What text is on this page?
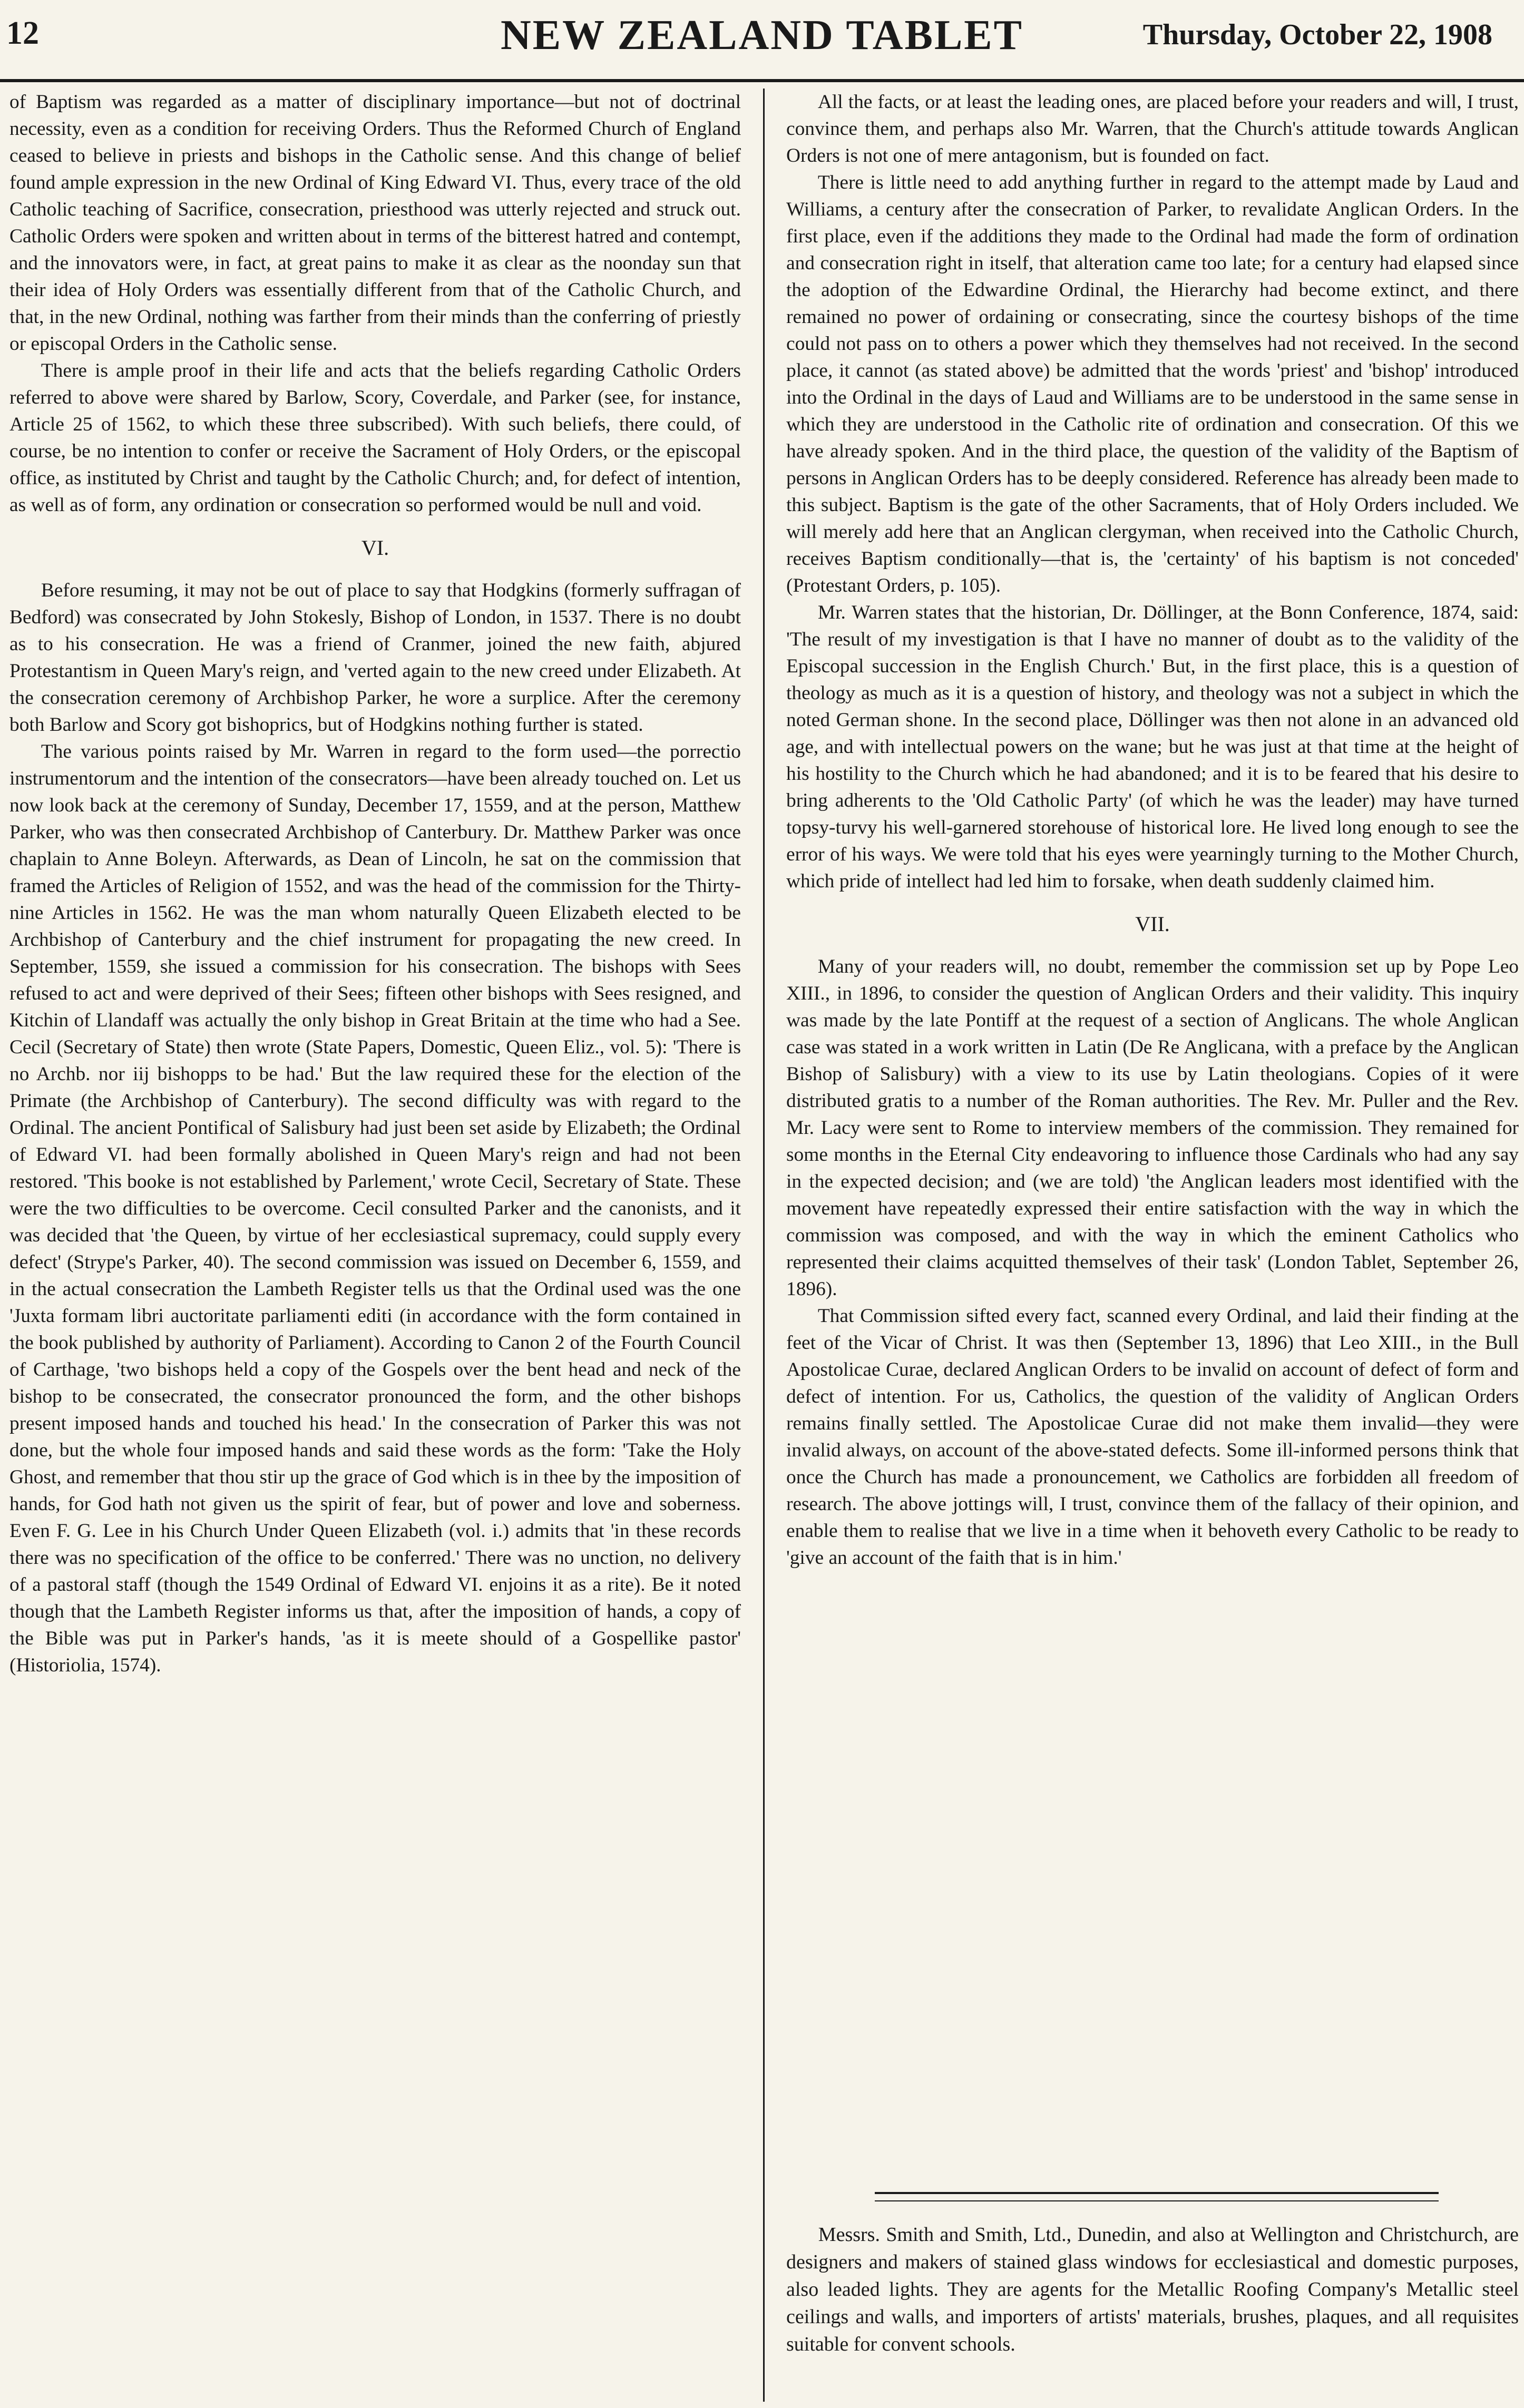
12	NEW ZEALAND TABLET	Thursday, October 22, 1908

of Baptism was regarded as a matter of disciplinary importance—but not of doctrinal necessity, even as a condition for receiving Orders. Thus the Reformed Church of England ceased to believe in priests and bishops in the Catholic sense. And this change of belief found ample expression in the new Ordinal of King Edward VI. Thus, every trace of the old Catholic teaching of Sacrifice, consecration, priesthood was utterly rejected and struck out. Catholic Orders were spoken and written about in terms of the bitterest hatred and contempt, and the innovators were, in fact, at great pains to make it as clear as the noonday sun that their idea of Holy Orders was essentially different from that of the Catholic Church, and that, in the new Ordinal, nothing was farther from their minds than the conferring of priestly or episcopal Orders in the Catholic sense.

There is ample proof in their life and acts that the beliefs regarding Catholic Orders referred to above were shared by Barlow, Scory, Coverdale, and Parker (see, for instance, Article 25 of 1562, to which these three subscribed). With such beliefs, there could, of course, be no intention to confer or receive the Sacrament of Holy Orders, or the episcopal office, as instituted by Christ and taught by the Catholic Church; and, for defect of intention, as well as of form, any ordination or consecration so performed would be null and void.

VI.

Before resuming, it may not be out of place to say that Hodgkins (formerly suffragan of Bedford) was consecrated by John Stokesly, Bishop of London, in 1537. There is no doubt as to his consecration. He was a friend of Cranmer, joined the new faith, abjured Protestantism in Queen Mary's reign, and 'verted again to the new creed under Elizabeth. At the consecration ceremony of Archbishop Parker, he wore a surplice. After the ceremony both Barlow and Scory got bishoprics, but of Hodgkins nothing further is stated.

The various points raised by Mr. Warren in regard to the form used—the porrectio instrumentorum and the intention of the consecrators—have been already touched on. Let us now look back at the ceremony of Sunday, December 17, 1559, and at the person, Matthew Parker, who was then consecrated Archbishop of Canterbury. Dr. Matthew Parker was once chaplain to Anne Boleyn. Afterwards, as Dean of Lincoln, he sat on the commission that framed the Articles of Religion of 1552, and was the head of the commission for the Thirty-nine Articles in 1562. He was the man whom naturally Queen Elizabeth elected to be Archbishop of Canterbury and the chief instrument for propagating the new creed. In September, 1559, she issued a commission for his consecration. The bishops with Sees refused to act and were deprived of their Sees; fifteen other bishops with Sees resigned, and Kitchin of Llandaff was actually the only bishop in Great Britain at the time who had a See. Cecil (Secretary of State) then wrote (State Papers, Domestic, Queen Eliz., vol. 5): 'There is no Archb. nor iij bishopps to be had.' But the law required these for the election of the Primate (the Archbishop of Canterbury). The second difficulty was with regard to the Ordinal. The ancient Pontifical of Salisbury had just been set aside by Elizabeth; the Ordinal of Edward VI. had been formally abolished in Queen Mary's reign and had not been restored. 'This booke is not established by Parlement,' wrote Cecil, Secretary of State. These were the two difficulties to be overcome. Cecil consulted Parker and the canonists, and it was decided that 'the Queen, by virtue of her ecclesiastical supremacy, could supply every defect' (Strype's Parker, 40). The second commission was issued on December 6, 1559, and in the actual consecration the Lambeth Register tells us that the Ordinal used was the one 'Juxta formam libri auctoritate parliamenti editi (in accordance with the form contained in the book published by authority of Parliament). According to Canon 2 of the Fourth Council of Carthage, 'two bishops held a copy of the Gospels over the bent head and neck of the bishop to be consecrated, the consecrator pronounced the form, and the other bishops present imposed hands and touched his head.' In the consecration of Parker this was not done, but the whole four imposed hands and said these words as the form: 'Take the Holy Ghost, and remember that thou stir up the grace of God which is in thee by the imposition of hands, for God hath not given us the spirit of fear, but of power and love and soberness. Even F. G. Lee in his Church Under Queen Elizabeth (vol. i.) admits that 'in these records there was no specification of the office to be conferred.' There was no unction, no delivery of a pastoral staff (though the 1549 Ordinal of Edward VI. enjoins it as a rite). Be it noted though that the Lambeth Register informs us that, after the imposition of hands, a copy of the Bible was put in Parker's hands, 'as it is meete should of a Gospellike pastor' (Historiolia, 1574).

All the facts, or at least the leading ones, are placed before your readers and will, I trust, convince them, and perhaps also Mr. Warren, that the Church's attitude towards Anglican Orders is not one of mere antagonism, but is founded on fact.

There is little need to add anything further in regard to the attempt made by Laud and Williams, a century after the consecration of Parker, to revalidate Anglican Orders. In the first place, even if the additions they made to the Ordinal had made the form of ordination and consecration right in itself, that alteration came too late; for a century had elapsed since the adoption of the Edwardine Ordinal, the Hierarchy had become extinct, and there remained no power of ordaining or consecrating, since the courtesy bishops of the time could not pass on to others a power which they themselves had not received. In the second place, it cannot (as stated above) be admitted that the words 'priest' and 'bishop' introduced into the Ordinal in the days of Laud and Williams are to be understood in the same sense in which they are understood in the Catholic rite of ordination and consecration. Of this we have already spoken. And in the third place, the question of the validity of the Baptism of persons in Anglican Orders has to be deeply considered. Reference has already been made to this subject. Baptism is the gate of the other Sacraments, that of Holy Orders included. We will merely add here that an Anglican clergyman, when received into the Catholic Church, receives Baptism conditionally—that is, the 'certainty' of his baptism is not conceded' (Protestant Orders, p. 105).

Mr. Warren states that the historian, Dr. Döllinger, at the Bonn Conference, 1874, said: 'The result of my investigation is that I have no manner of doubt as to the validity of the Episcopal succession in the English Church.' But, in the first place, this is a question of theology as much as it is a question of history, and theology was not a subject in which the noted German shone. In the second place, Döllinger was then not alone in an advanced old age, and with intellectual powers on the wane; but he was just at that time at the height of his hostility to the Church which he had abandoned; and it is to be feared that his desire to bring adherents to the 'Old Catholic Party' (of which he was the leader) may have turned topsy-turvy his well-garnered storehouse of historical lore. He lived long enough to see the error of his ways. We were told that his eyes were yearningly turning to the Mother Church, which pride of intellect had led him to forsake, when death suddenly claimed him.

VII.

Many of your readers will, no doubt, remember the commission set up by Pope Leo XIII., in 1896, to consider the question of Anglican Orders and their validity. This inquiry was made by the late Pontiff at the request of a section of Anglicans. The whole Anglican case was stated in a work written in Latin (De Re Anglicana, with a preface by the Anglican Bishop of Salisbury) with a view to its use by Latin theologians. Copies of it were distributed gratis to a number of the Roman authorities. The Rev. Mr. Puller and the Rev. Mr. Lacy were sent to Rome to interview members of the commission. They remained for some months in the Eternal City endeavoring to influence those Cardinals who had any say in the expected decision; and (we are told) 'the Anglican leaders most identified with the movement have repeatedly expressed their entire satisfaction with the way in which the commission was composed, and with the way in which the eminent Catholics who represented their claims acquitted themselves of their task' (London Tablet, September 26, 1896).

That Commission sifted every fact, scanned every Ordinal, and laid their finding at the feet of the Vicar of Christ. It was then (September 13, 1896) that Leo XIII., in the Bull Apostolicae Curae, declared Anglican Orders to be invalid on account of defect of form and defect of intention. For us, Catholics, the question of the validity of Anglican Orders remains finally settled. The Apostolicae Curae did not make them invalid—they were invalid always, on account of the above-stated defects. Some ill-informed persons think that once the Church has made a pronouncement, we Catholics are forbidden all freedom of research. The above jottings will, I trust, convince them of the fallacy of their opinion, and enable them to realise that we live in a time when it behoveth every Catholic to be ready to 'give an account of the faith that is in him.'

Messrs. Smith and Smith, Ltd., Dunedin, and also at Wellington and Christchurch, are designers and makers of stained glass windows for ecclesiastical and domestic purposes, also leaded lights. They are agents for the Metallic Roofing Company's Metallic steel ceilings and walls, and importers of artists' materials, brushes, plaques, and all requisites suitable for convent schools.
